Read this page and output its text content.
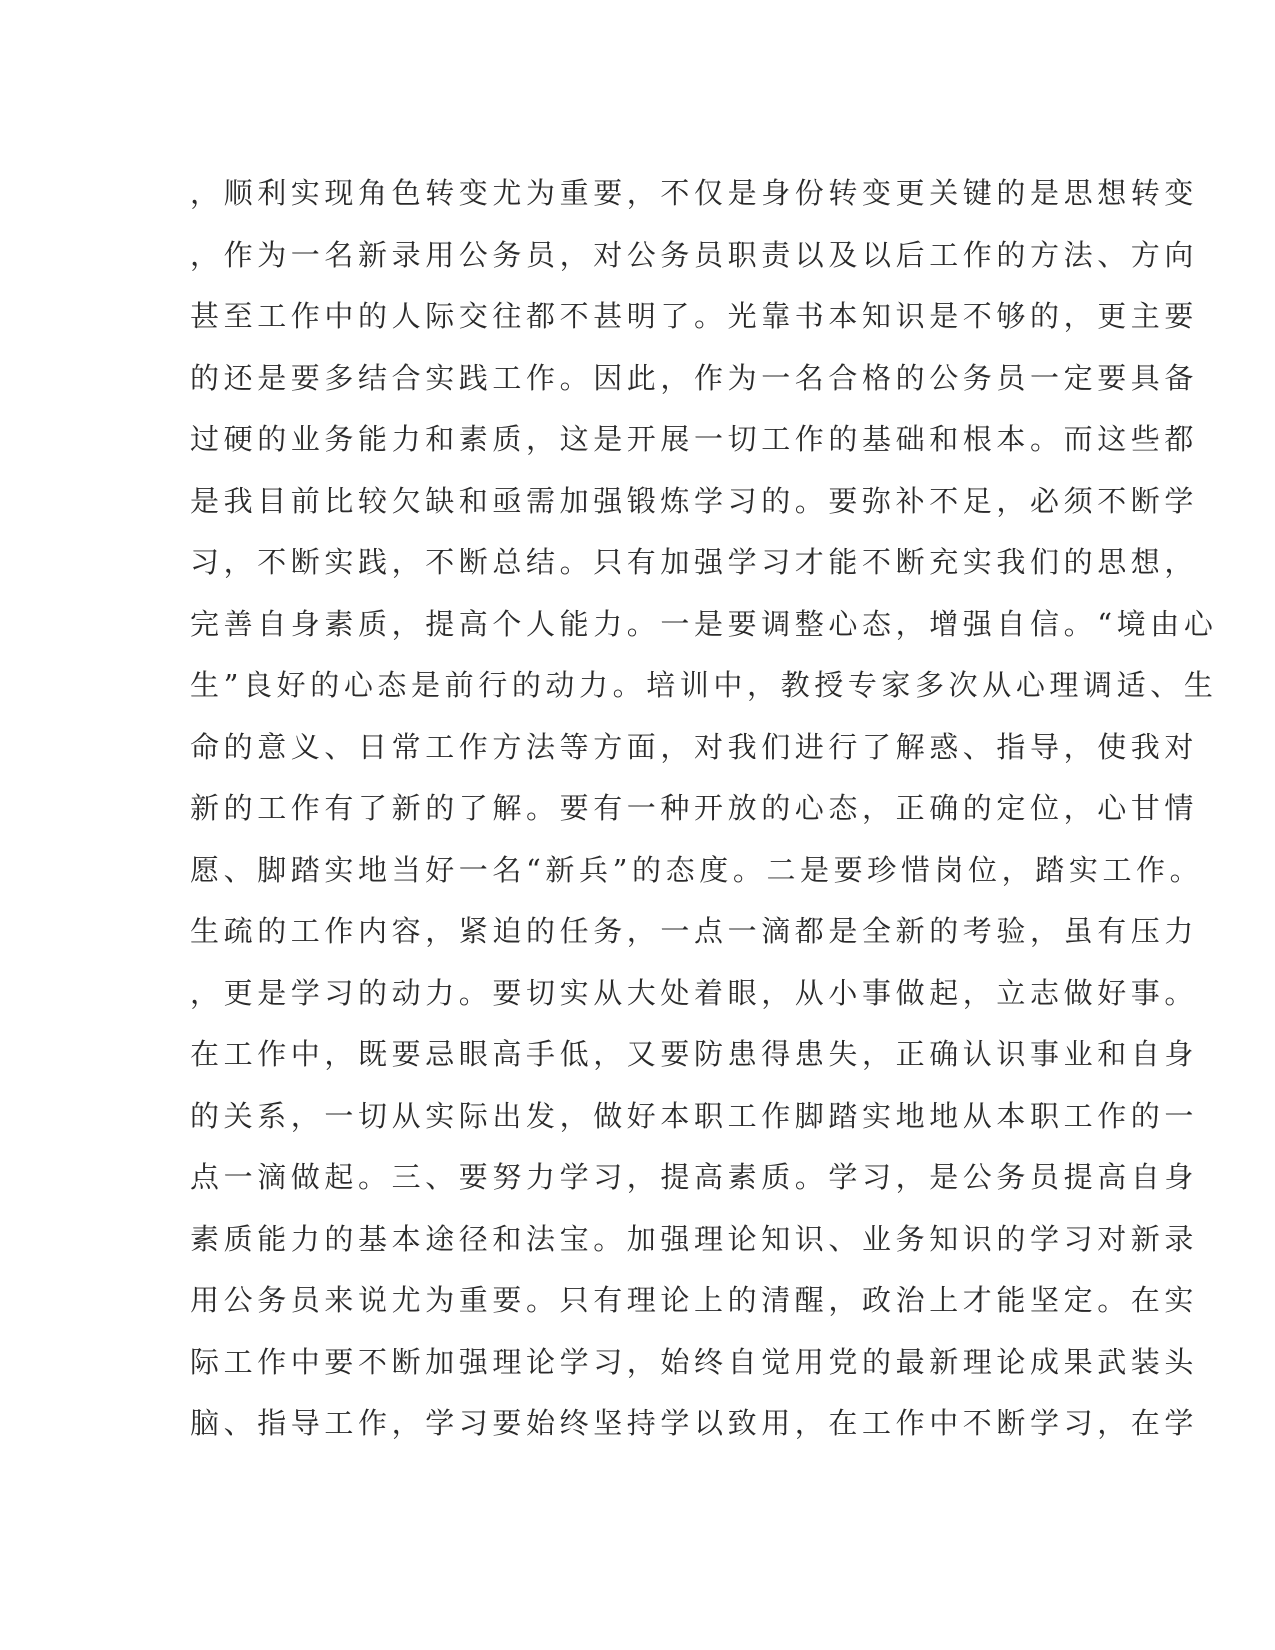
，顺利实现角色转变尤为重要，不仅是身份转变更关键的是思想转变
，作为一名新录用公务员，对公务员职责以及以后工作的方法、方向
甚至工作中的人际交往都不甚明了。光靠书本知识是不够的，更主要
的还是要多结合实践工作。因此，作为一名合格的公务员一定要具备
过硬的业务能力和素质，这是开展一切工作的基础和根本。而这些都
是我目前比较欠缺和亟需加强锻炼学习的。要弥补不足，必须不断学
习，不断实践，不断总结。只有加强学习才能不断充实我们的思想，
完善自身素质，提高个人能力。一是要调整心态，增强自信。“境由心
生”良好的心态是前行的动力。培训中，教授专家多次从心理调适、生
命的意义、日常工作方法等方面，对我们进行了解惑、指导，使我对
新的工作有了新的了解。要有一种开放的心态，正确的定位，心甘情
愿、脚踏实地当好一名“新兵”的态度。二是要珍惜岗位，踏实工作。
生疏的工作内容，紧迫的任务，一点一滴都是全新的考验，虽有压力
，更是学习的动力。要切实从大处着眼，从小事做起，立志做好事。
在工作中，既要忌眼高手低，又要防患得患失，正确认识事业和自身
的关系，一切从实际出发，做好本职工作脚踏实地地从本职工作的一
点一滴做起。三、要努力学习，提高素质。学习，是公务员提高自身
素质能力的基本途径和法宝。加强理论知识、业务知识的学习对新录
用公务员来说尤为重要。只有理论上的清醒，政治上才能坚定。在实
际工作中要不断加强理论学习，始终自觉用党的最新理论成果武装头
脑、指导工作，学习要始终坚持学以致用，在工作中不断学习，在学
